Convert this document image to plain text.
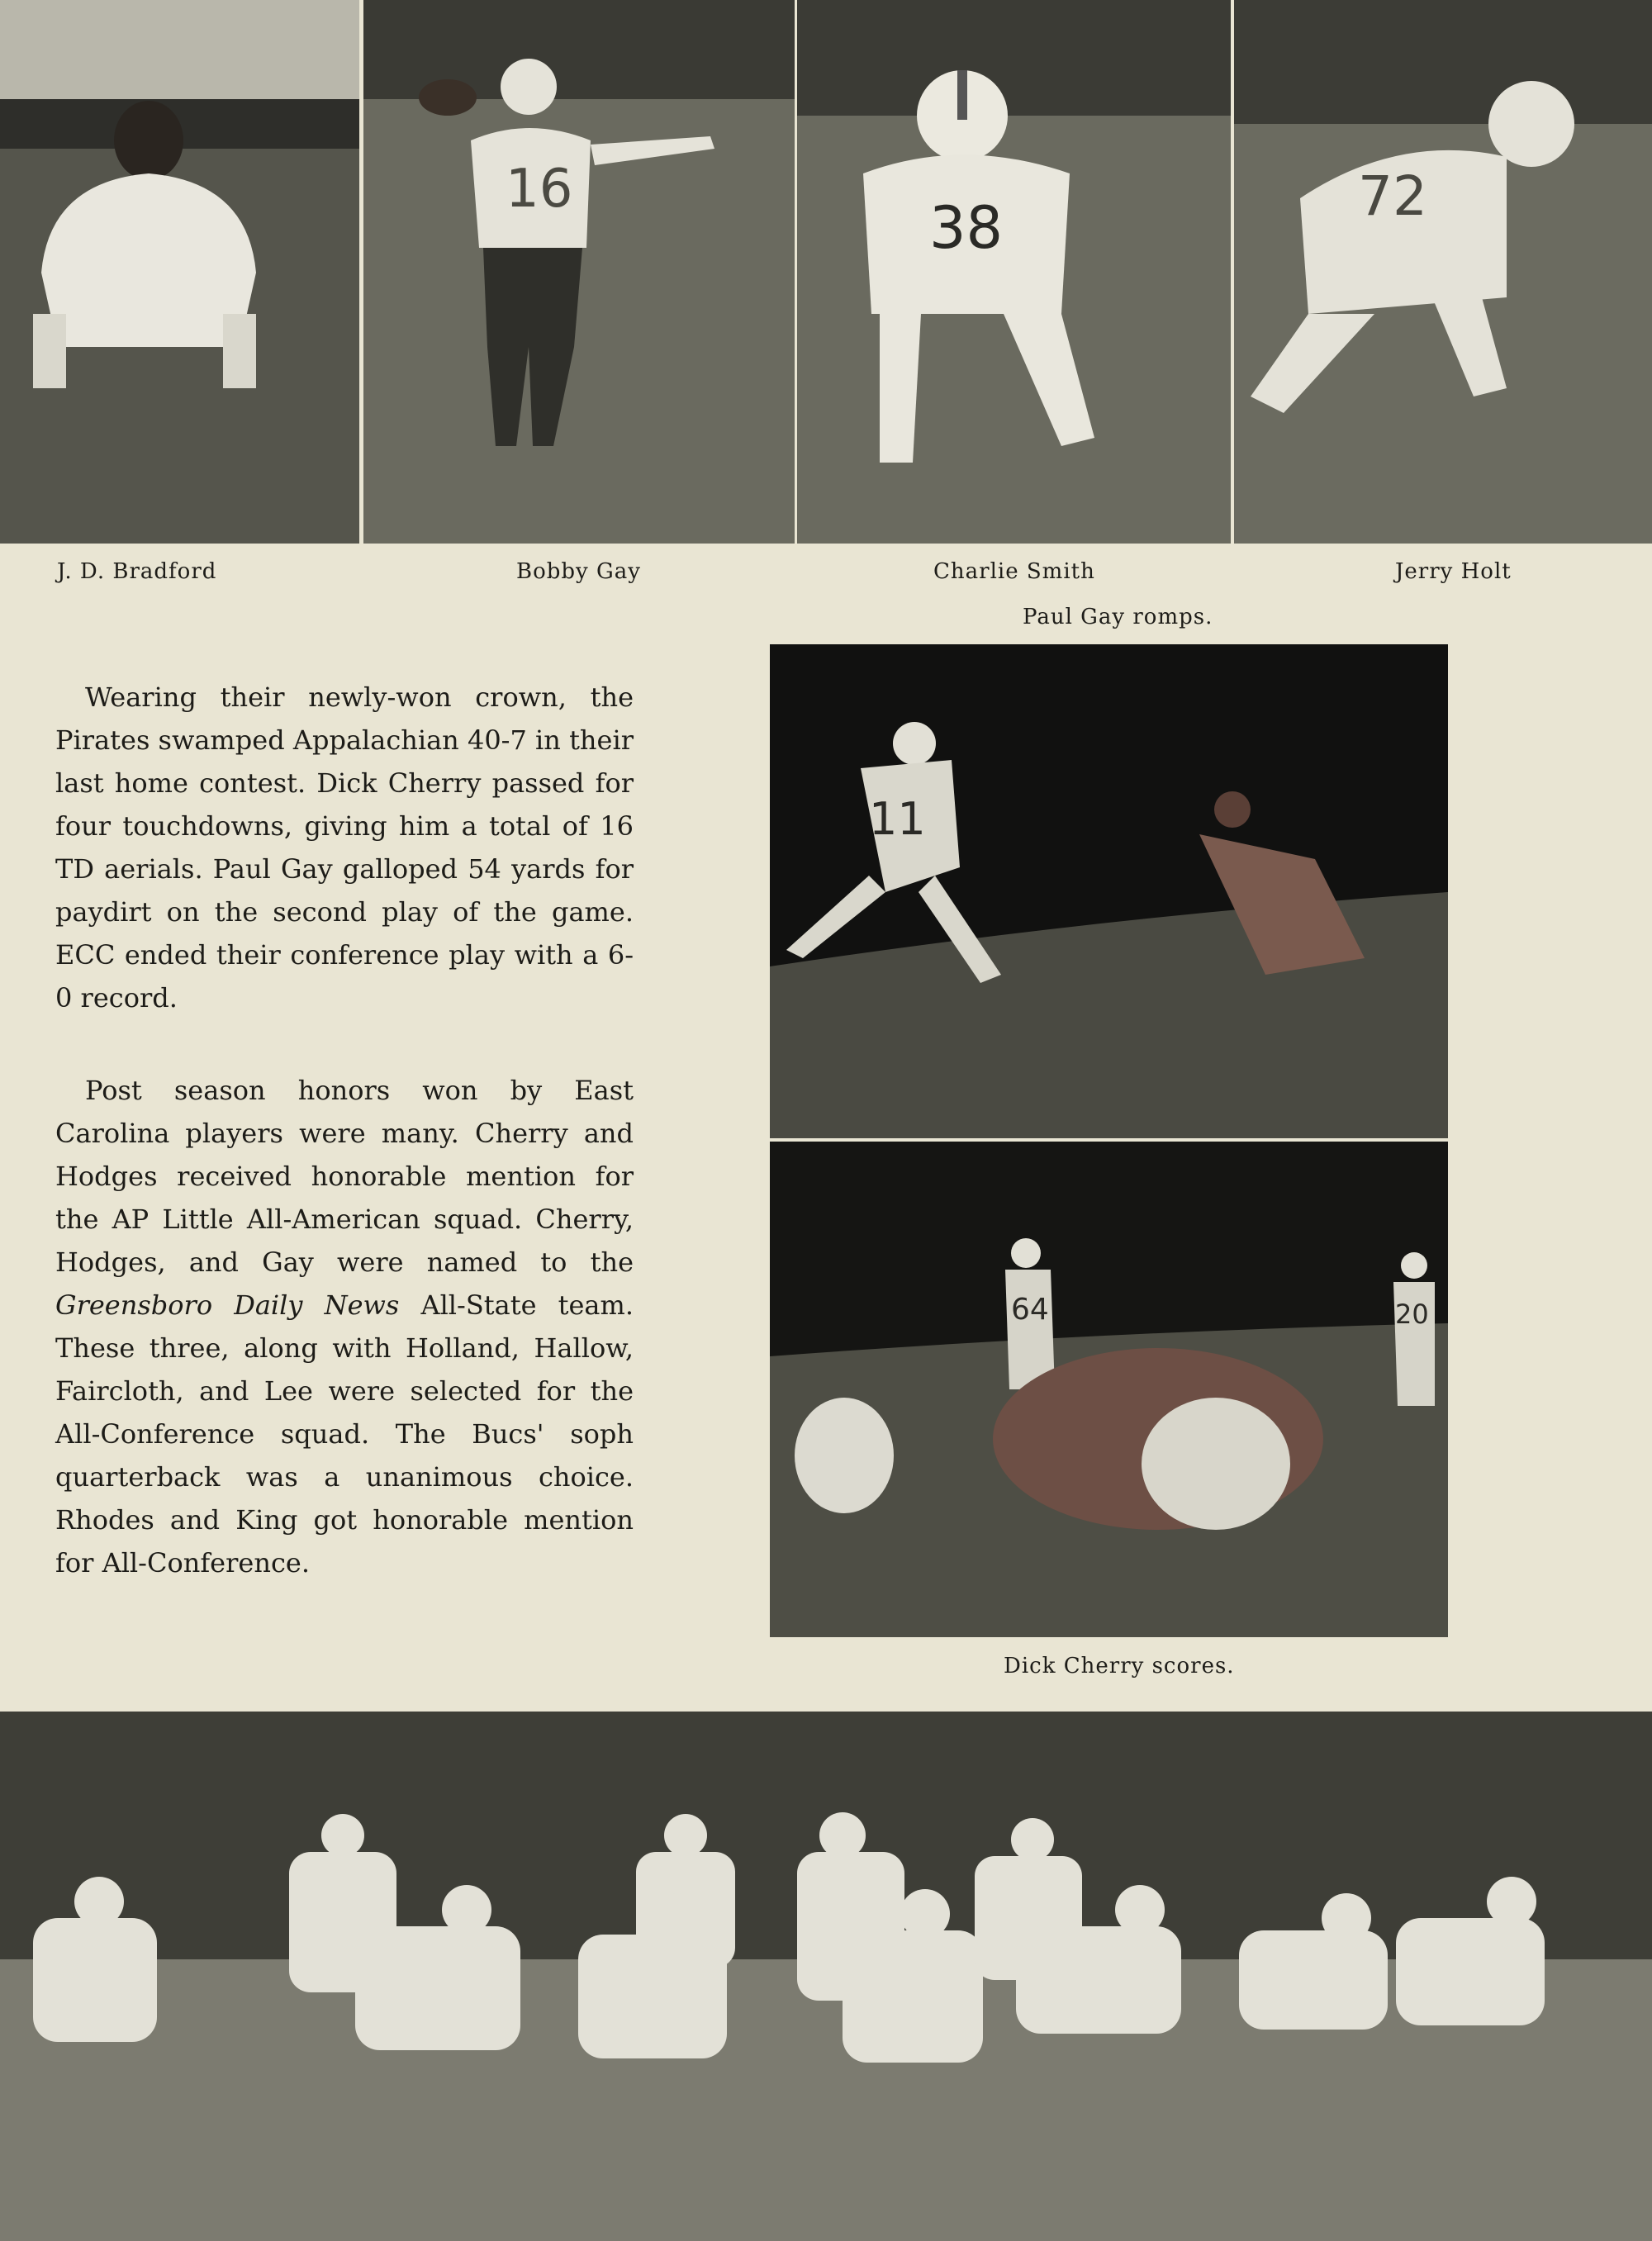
16
38	72
J. D. Bradford	Bobby Gay	Charlie Smith	Jerry Holt
Paul Gay romps.

Wearing their newly-won crown, the Pirates swamped Appalachian 40-7 in their last home contest. Dick Cherry passed for four touchdowns, giving him a total of 16 TD aerials. Paul Gay galloped 54 yards for paydirt on the second play of the game. ECC ended their conference play with a 6-0 record.

Post season honors won by East Carolina players were many. Cherry and Hodges received honorable mention for the AP Little All-American squad. Cherry, Hodges, and Gay were named to the Greensboro Daily News All-State team. These three, along with Holland, Hallow, Faircloth, and Lee were selected for the All-Conference squad. The Bucs' soph quarterback was a unanimous choice. Rhodes and King got honorable mention for All-Conference.

11
64	20
Dick Cherry scores.
